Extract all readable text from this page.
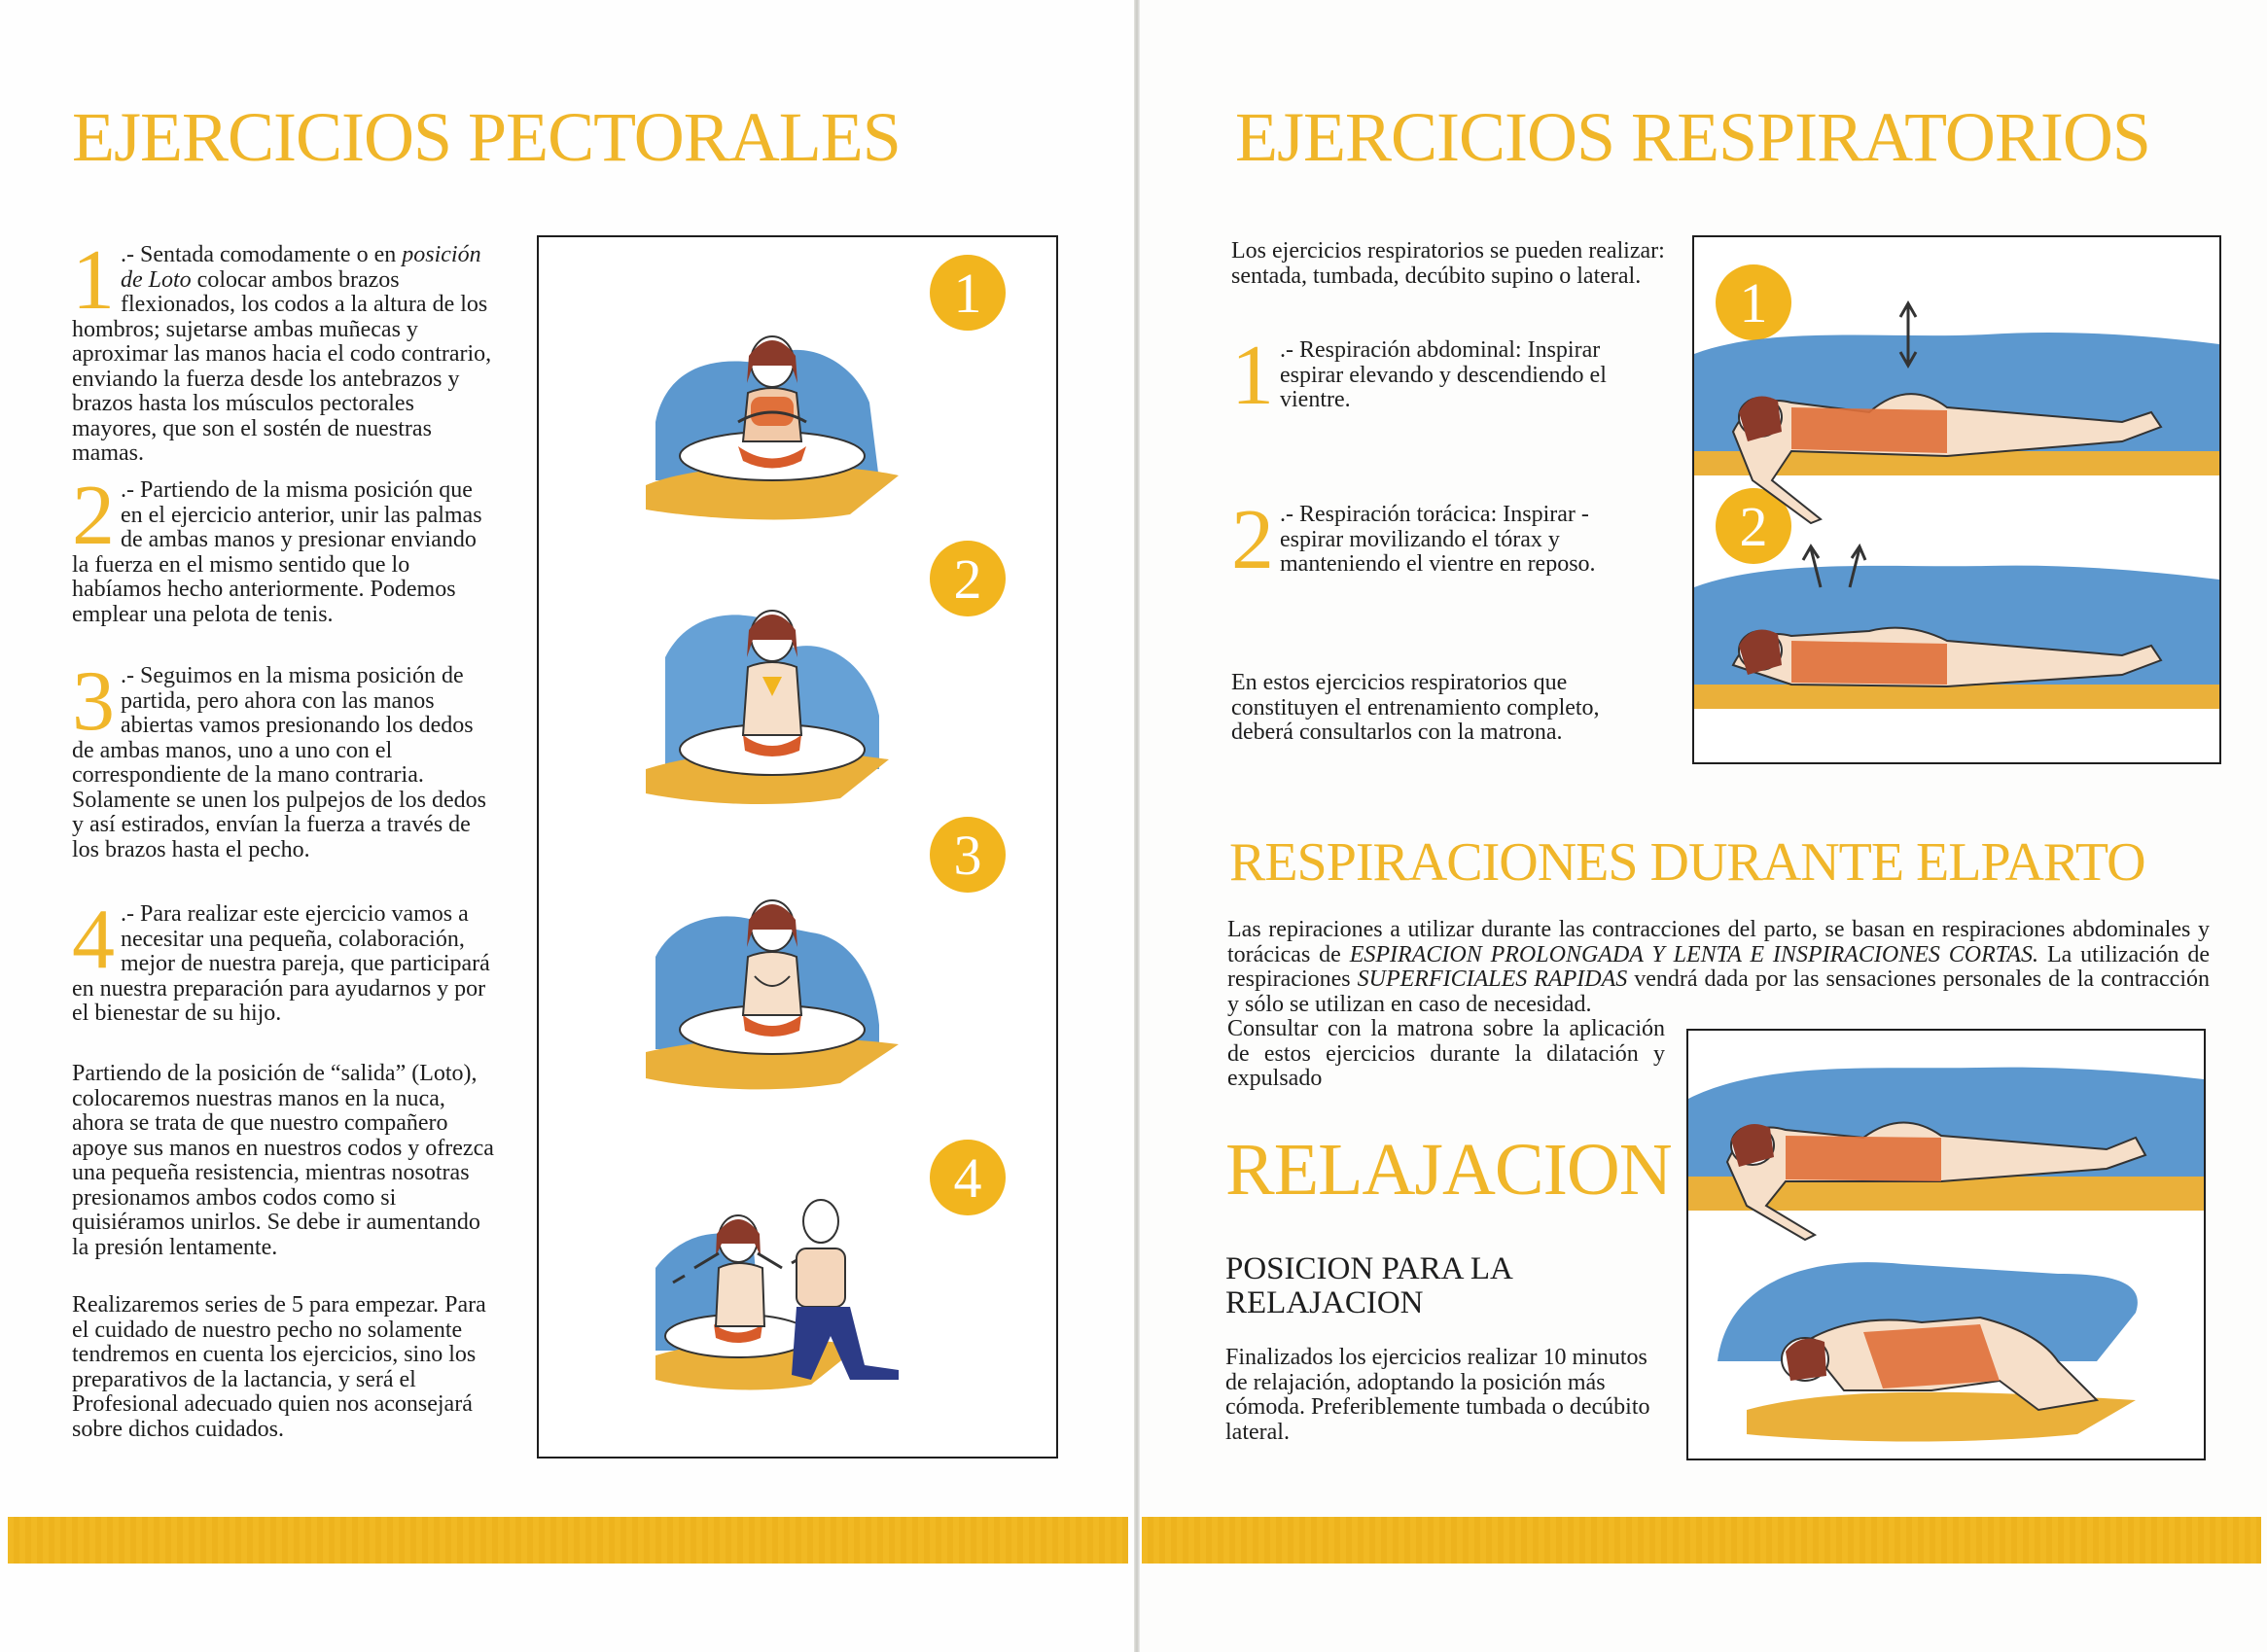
EJERCICIOS PECTORALES
1 .- Sentada comodamente o en posición de Loto colocar ambos brazos flexionados, los codos a la altura de los hombros; sujetarse ambas muñecas y aproximar las manos hacia el codo contrario, enviando la fuerza desde los antebrazos y brazos hasta los músculos pectorales mayores, que son el sostén de nuestras mamas.
2 .- Partiendo de la misma posición que en el ejercicio anterior, unir las palmas de ambas manos y presionar enviando la fuerza en el mismo sentido que lo habíamos hecho anteriormente. Podemos emplear una pelota de tenis.
3 .- Seguimos en la misma posición de partida, pero ahora con las manos abiertas vamos presionando los dedos de ambas manos, uno a uno con el correspondiente de la mano contraria. Solamente se unen los pulpejos de los dedos y así estirados, envían la fuerza a través de los brazos hasta el pecho.
4 .- Para realizar este ejercicio vamos a necesitar una pequeña, colaboración, mejor de nuestra pareja, que participará en nuestra preparación para ayudarnos y por el bienestar de su hijo.

Partiendo de la posición de “salida” (Loto), colocaremos nuestras manos en la nuca, ahora se trata de que nuestro compañero apoye sus manos en nuestros codos y ofrezca una pequeña resistencia, mientras nosotras presionamos ambos codos como si quisiéramos unirlos. Se debe ir aumentando la presión lentamente.

Realizaremos series de 5 para empezar. Para el cuidado de nuestro pecho no solamente tendremos en cuenta los ejercicios, sino los preparativos de la lactancia, y será el Profesional adecuado quien nos aconsejará sobre dichos cuidados.

1
2
3
4
EJERCICIOS RESPIRATORIOS

Los ejercicios respiratorios se pueden realizar: sentada, tumbada, decúbito supino o lateral.

1 .- Respiración abdominal: Inspirar espirar elevando y descendiendo el vientre.
2 .- Respiración torácica: Inspirar - espirar movilizando el tórax y manteniendo el vientre en reposo.

En estos ejercicios respiratorios que constituyen el entrenamiento completo, deberá consultarlos con la matrona.

1
2
RESPIRACIONES DURANTE ELPARTO

Las repiraciones a utilizar durante las contracciones del parto, se basan en respiraciones abdominales y torácicas de ESPIRACION PROLONGADA Y LENTA E INSPIRACIONES CORTAS. La utilización de respiraciones SUPERFICIALES RAPIDAS vendrá dada por las sensaciones personales de la contracción y sólo se utilizan en caso de necesidad.

Consultar con la matrona sobre la aplicación de estos ejercicios durante la dilatación y expulsado

RELAJACION
POSICION PARA LA RELAJACION

Finalizados los ejercicios realizar 10 minutos de relajación, adoptando la posición más cómoda. Preferiblemente tumbada o decúbito lateral.
